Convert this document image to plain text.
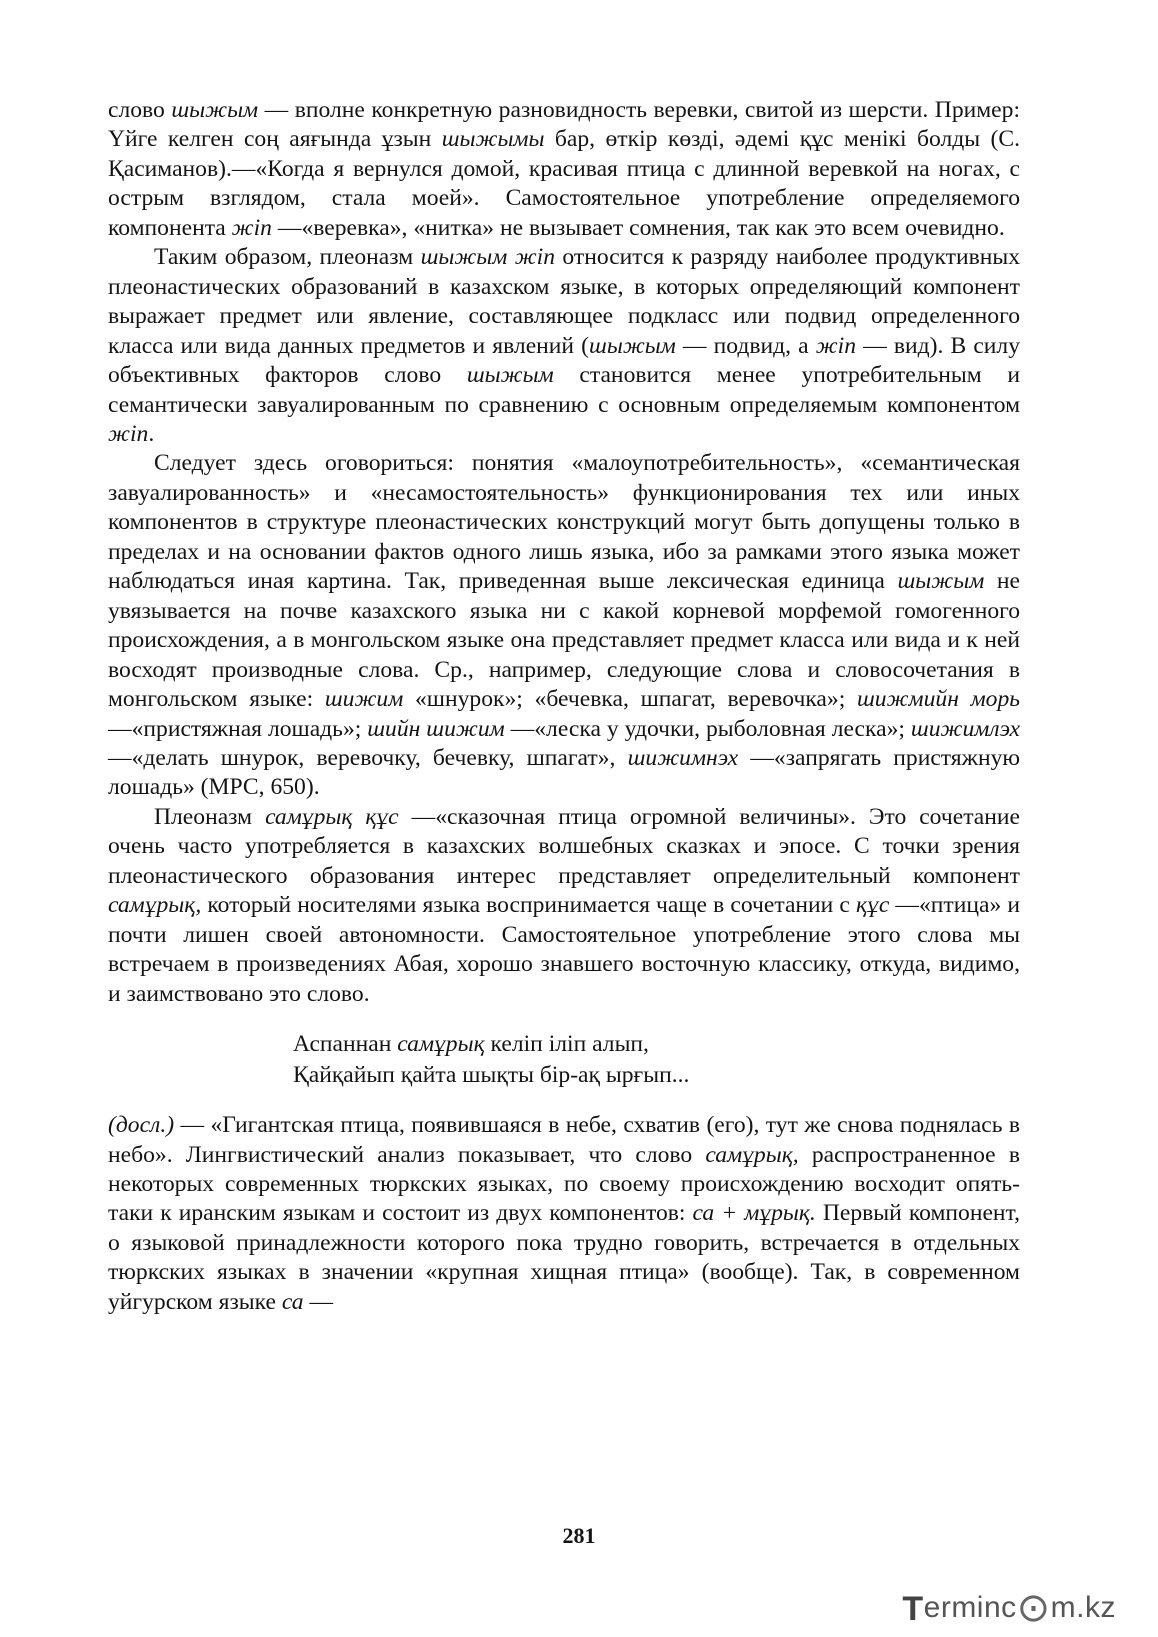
слово шыжым — вполне конкретную разновидность веревки, свитой из шерсти. Пример: Үйге келген соң аяғында ұзын шыжымы бар, өткір көзді, әдемі құс менікі болды (С. Қасиманов).—«Когда я вернулся домой, красивая птица с длинной веревкой на ногах, с острым взглядом, стала моей». Самостоятельное употребление определяемого компонента жіп —«веревка», «нитка» не вызывает сомнения, так как это всем очевидно.

Таким образом, плеоназм шыжым жіп относится к разряду наиболее продуктивных плеонастических образований в казахском языке, в которых определяющий компонент выражает предмет или явление, составляющее подкласс или подвид определенного класса или вида данных предметов и явлений (шыжым — подвид, а жіп — вид). В силу объективных факторов слово шыжым становится менее употребительным и семантически завуалированным по сравнению с основным определяемым компонентом жіп.

Следует здесь оговориться: понятия «малоупотребительность», «семантическая завуалированность» и «несамостоятельность» функционирования тех или иных компонентов в структуре плеонастических конструкций могут быть допущены только в пределах и на основании фактов одного лишь языка, ибо за рамками этого языка может наблюдаться иная картина. Так, приведенная выше лексическая единица шыжым не увязывается на почве казахского языка ни с какой корневой морфемой гомогенного происхождения, а в монгольском языке она представляет предмет класса или вида и к ней восходят производные слова. Ср., например, следующие слова и словосочетания в монгольском языке: шижим «шнурок»; «бечевка, шпагат, веревочка»; шижмийн морь —«пристяжная лошадь»; шийн шижим —«леска у удочки, рыболовная леска»; шижимлэх —«делать шнурок, веревочку, бечевку, шпагат», шижимнэх —«запрягать пристяжную лошадь» (МРС, 650).

Плеоназм самұрық құс —«сказочная птица огромной величины». Это сочетание очень часто употребляется в казахских волшебных сказках и эпосе. С точки зрения плеонастического образования интерес представляет определительный компонент самұрық, который носителями языка воспринимается чаще в сочетании с құс —«птица» и почти лишен своей автономности. Самостоятельное употребление этого слова мы встречаем в произведениях Абая, хорошо знавшего восточную классику, откуда, видимо, и заимствовано это слово.

Аспаннан самұрық келіп іліп алып,
Қайқайып қайта шықты бір-ақ ырғып...

(досл.) — «Гигантская птица, появившаяся в небе, схватив (его), тут же снова поднялась в небо». Лингвистический анализ показывает, что слово самұрық, распространенное в некоторых современных тюркских языках, по своему происхождению восходит опять-таки к иранским языкам и состоит из двух компонентов: са + мұрық. Первый компонент, о языковой принадлежности которого пока трудно говорить, встречается в отдельных тюркских языках в значении «крупная хищная птица» (вообще). Так, в современном уйгурском языке са —

281
Terminc⊙m.kz
